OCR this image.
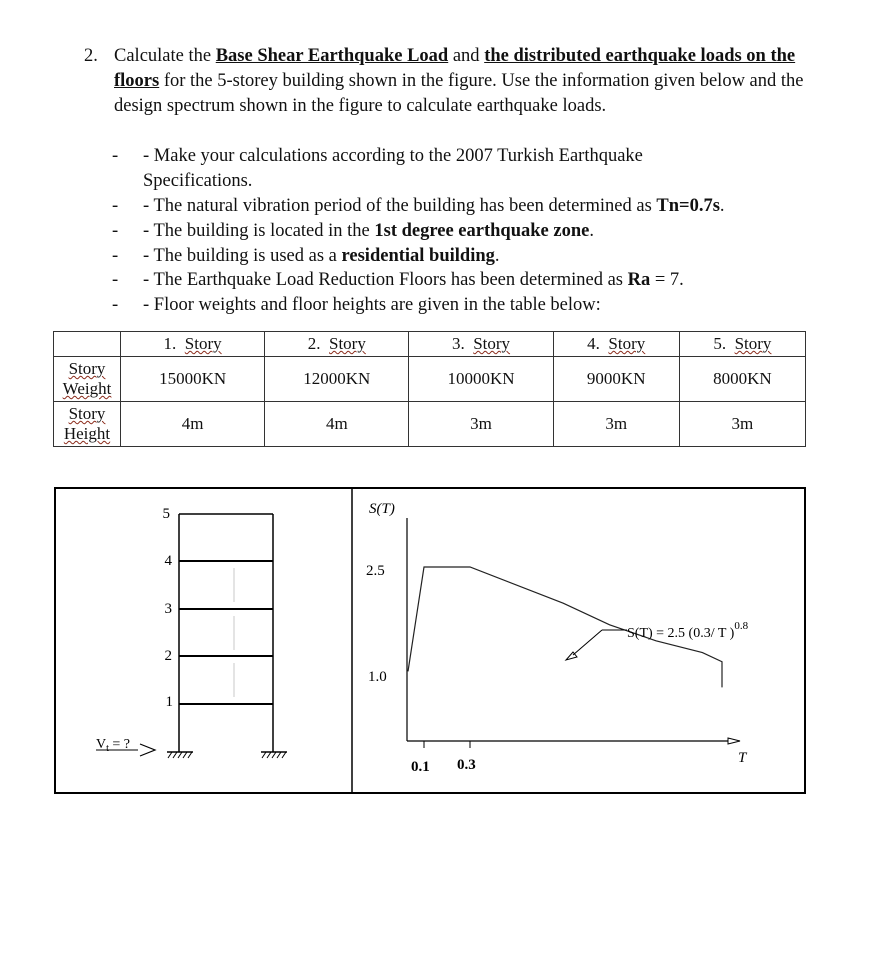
2. Calculate the Base Shear Earthquake Load and the distributed earthquake loads on the floors for the 5-storey building shown in the figure. Use the information given below and the design spectrum shown in the figure to calculate earthquake loads.
- - Make your calculations according to the 2007 Turkish Earthquake
Specifications.
- - The natural vibration period of the building has been determined as Tn=0.7s.
- - The building is located in the 1st degree earthquake zone.
- - The building is used as a residential building.
- - The Earthquake Load Reduction Floors has been determined as Ra = 7.
- - Floor weights and floor heights are given in the table below:
	1. Story	2. Story	3. Story	4. Story	5. Story
Story
Weight	15000KN	12000KN	10000KN	9000KN	8000KN
Story
Height	4m	4m	3m	3m	3m
5
4
3
2
1
$V_t$ = ?
S(T)
2.5
1.0
0.1 0.3	T
S(T) = 2.5 (0.3/ T )$^{0.8}$
